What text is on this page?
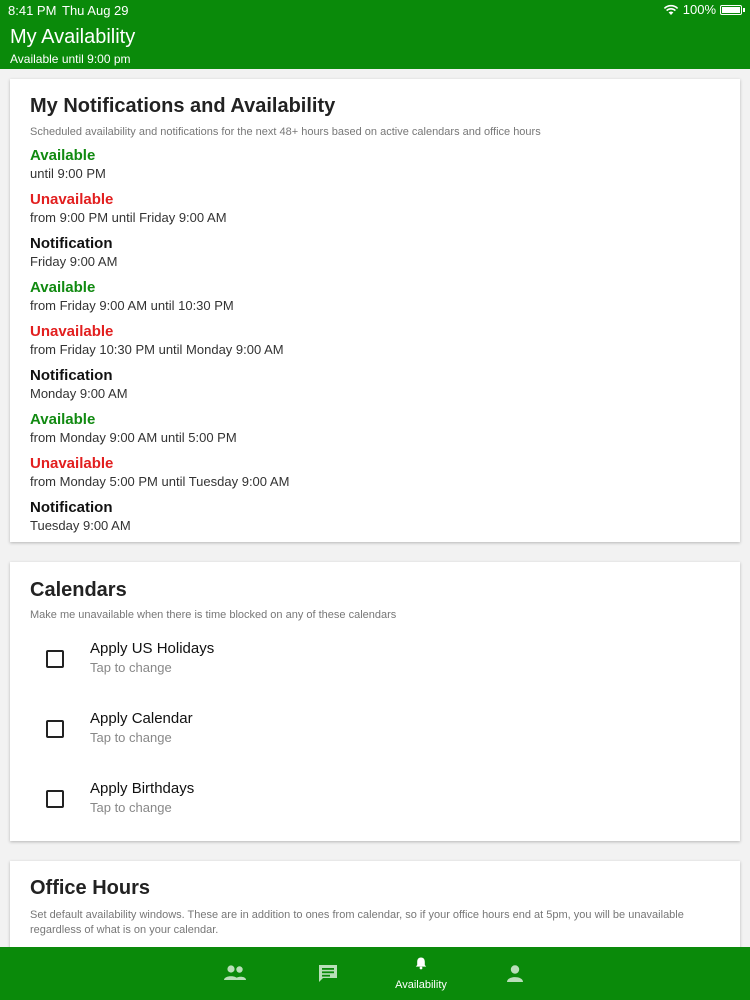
8:41 PM Thu Aug 29	100%
My Availability
Available until 9:00 pm
My Notifications and Availability
Scheduled availability and notifications for the next 48+ hours based on active calendars and office hours
Available
until 9:00 PM
Unavailable
from 9:00 PM until Friday 9:00 AM
Notification
Friday 9:00 AM
Available
from Friday 9:00 AM until 10:30 PM
Unavailable
from Friday 10:30 PM until Monday 9:00 AM
Notification
Monday 9:00 AM
Available
from Monday 9:00 AM until 5:00 PM
Unavailable
from Monday 5:00 PM until Tuesday 9:00 AM
Notification
Tuesday 9:00 AM
Calendars
Make me unavailable when there is time blocked on any of these calendars
Apply US Holidays
Tap to change
Apply Calendar
Tap to change
Apply Birthdays
Tap to change
Office Hours
Set default availability windows. These are in addition to ones from calendar, so if your office hours end at 5pm, you will be unavailable regardless of what is on your calendar.
Availability
